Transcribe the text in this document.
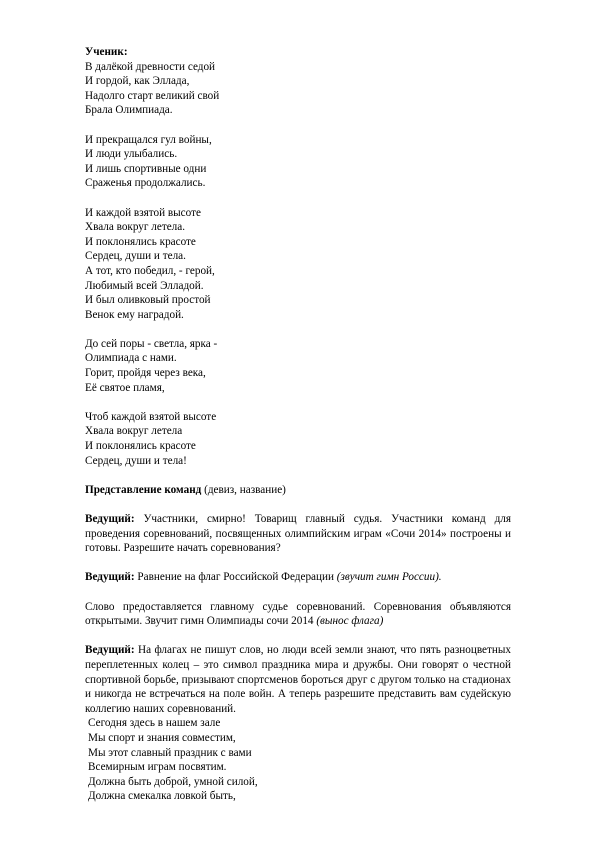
Ученик:
В далёкой древности седой
И гордой, как Эллада,
Надолго старт великий свой
Брала Олимпиада.
И прекращался гул войны,
И люди улыбались.
И лишь спортивные одни
Сраженья продолжались.
И каждой взятой высоте
Хвала вокруг летела.
И поклонялись красоте
Сердец, души и тела.
А тот, кто победил, - герой,
Любимый всей Элладой.
И был оливковый простой
Венок ему наградой.
До сей поры - светла, ярка -
Олимпиада с нами.
Горит, пройдя через века,
Её святое пламя,
Чтоб каждой взятой высоте
Хвала вокруг летела
И поклонялись красоте
Сердец, души и тела!
Представление команд (девиз, название)
Ведущий: Участники, смирно! Товарищ главный судья. Участники команд для проведения соревнований, посвященных олимпийским играм «Сочи 2014» построены и готовы. Разрешите начать соревнования?
Ведущий: Равнение на флаг Российской Федерации (звучит гимн России).
Слово предоставляется главному судье соревнований. Соревнования объявляются открытыми. Звучит гимн Олимпиады сочи 2014 (вынос флага)
Ведущий: На флагах не пишут слов, но люди всей земли знают, что пять разноцветных переплетенных колец – это символ праздника мира и дружбы. Они говорят о честной спортивной борьбе, призывают спортсменов бороться друг с другом только на стадионах и никогда не встречаться на поле войн. А теперь разрешите представить вам судейскую коллегию наших соревнований.
Сегодня здесь в нашем зале
Мы спорт и знания совместим,
Мы этот славный праздник с вами
Всемирным играм посвятим.
Должна быть доброй, умной силой,
Должна смекалка ловкой быть,
